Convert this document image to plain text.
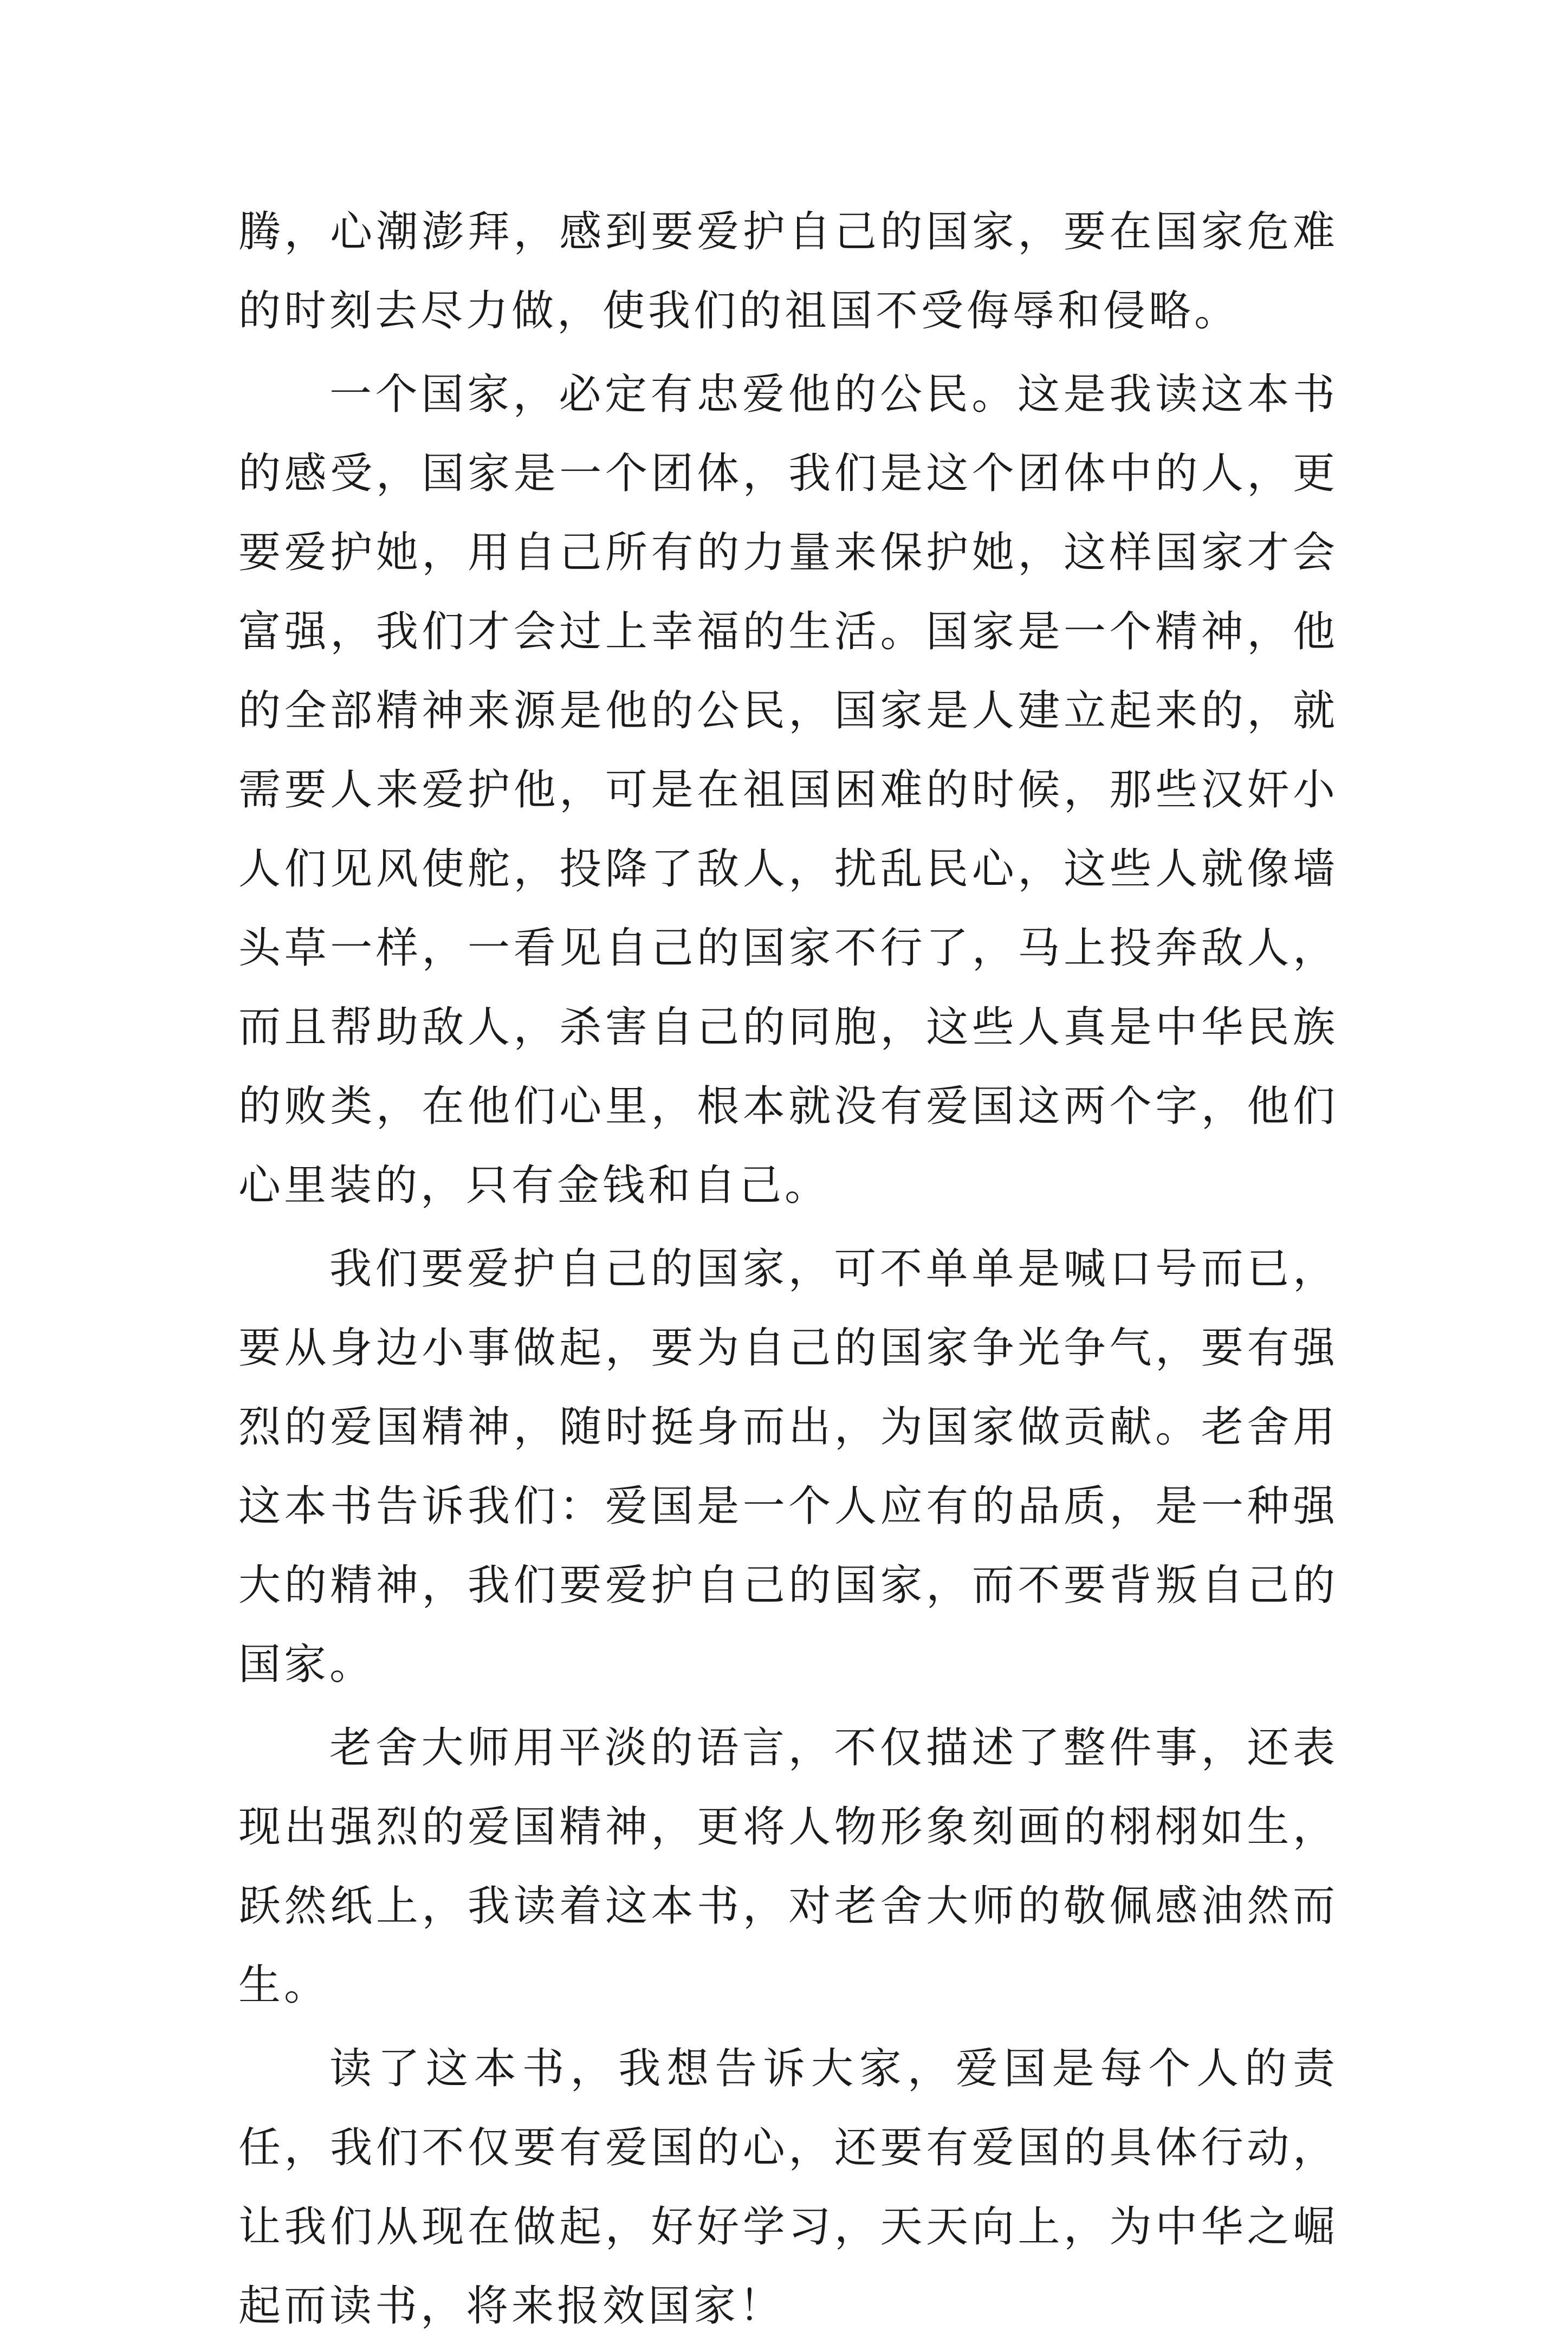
腾，心潮澎拜，感到要爱护自己的国家，要在国家危难的时刻去尽力做，使我们的祖国不受侮辱和侵略。

一个国家，必定有忠爱他的公民。这是我读这本书的感受，国家是一个团体，我们是这个团体中的人，更要爱护她，用自己所有的力量来保护她，这样国家才会富强，我们才会过上幸福的生活。国家是一个精神，他的全部精神来源是他的公民，国家是人建立起来的，就需要人来爱护他，可是在祖国困难的时候，那些汉奸小人们见风使舵，投降了敌人，扰乱民心，这些人就像墙头草一样，一看见自己的国家不行了，马上投奔敌人，而且帮助敌人，杀害自己的同胞，这些人真是中华民族的败类，在他们心里，根本就没有爱国这两个字，他们心里装的，只有金钱和自己。

我们要爱护自己的国家，可不单单是喊口号而已，要从身边小事做起，要为自己的国家争光争气，要有强烈的爱国精神，随时挺身而出，为国家做贡献。老舍用这本书告诉我们：爱国是一个人应有的品质，是一种强大的精神，我们要爱护自己的国家，而不要背叛自己的国家。

老舍大师用平淡的语言，不仅描述了整件事，还表现出强烈的爱国精神，更将人物形象刻画的栩栩如生，跃然纸上，我读着这本书，对老舍大师的敬佩感油然而生。

读了这本书，我想告诉大家，爱国是每个人的责任，我们不仅要有爱国的心，还要有爱国的具体行动，让我们从现在做起，好好学习，天天向上，为中华之崛起而读书，将来报效国家！
